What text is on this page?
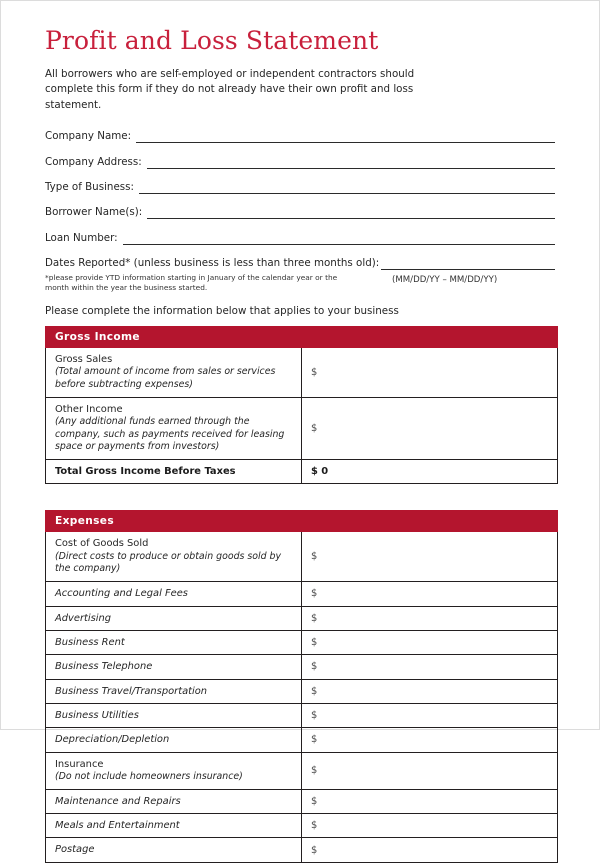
Profit and Loss Statement

All borrowers who are self-employed or independent contractors should complete this form if they do not already have their own profit and loss statement.

Company Name:
Company Address:
Type of Business:
Borrower Name(s):
Loan Number:
Dates Reported* (unless business is less than three months old):
*please provide YTD information starting in January of the calendar year or the month within the year the business started.
(MM/DD/YY – MM/DD/YY)
Please complete the information below that applies to your business
Gross Income	

Gross Sales
(Total amount of income from sales or services before subtracting expenses)	$

Other Income
(Any additional funds earned through the company, such as payments received for leasing space or payments from investors)	$

Total Gross Income Before Taxes	$ 0
Expenses	

Cost of Goods Sold
(Direct costs to produce or obtain goods sold by the company)	$

Accounting and Legal Fees	$

Advertising	$

Business Rent	$

Business Telephone	$

Business Travel/Transportation	$

Business Utilities	$

Depreciation/Depletion	$

Insurance
(Do not include homeowners insurance)	$

Maintenance and Repairs	$

Meals and Entertainment	$

Postage	$
